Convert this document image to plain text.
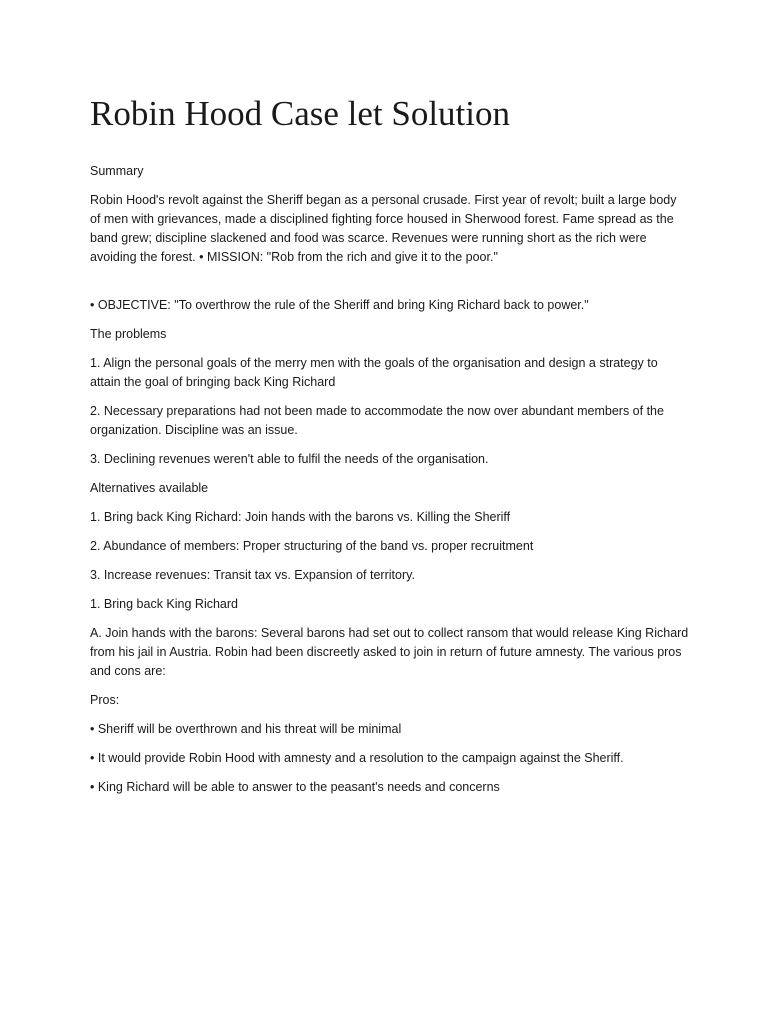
Robin Hood Case let Solution

Summary

Robin Hood's revolt against the Sheriff began as a personal crusade. First year of revolt; built a large body of men with grievances, made a disciplined fighting force housed in Sherwood forest. Fame spread as the band grew; discipline slackened and food was scarce. Revenues were running short as the rich were avoiding the forest. • MISSION: "Rob from the rich and give it to the poor."

• OBJECTIVE: "To overthrow the rule of the Sheriff and bring King Richard back to power."

The problems

1. Align the personal goals of the merry men with the goals of the organisation and design a strategy to attain the goal of bringing back King Richard

2. Necessary preparations had not been made to accommodate the now over abundant members of the organization. Discipline was an issue.

3. Declining revenues weren't able to fulfil the needs of the organisation.

Alternatives available

1. Bring back King Richard: Join hands with the barons vs. Killing the Sheriff

2. Abundance of members: Proper structuring of the band vs. proper recruitment

3. Increase revenues: Transit tax vs. Expansion of territory.

1. Bring back King Richard

A. Join hands with the barons: Several barons had set out to collect ransom that would release King Richard from his jail in Austria. Robin had been discreetly asked to join in return of future amnesty. The various pros and cons are:

Pros:

• Sheriff will be overthrown and his threat will be minimal

• It would provide Robin Hood with amnesty and a resolution to the campaign against the Sheriff.

• King Richard will be able to answer to the peasant's needs and concerns
